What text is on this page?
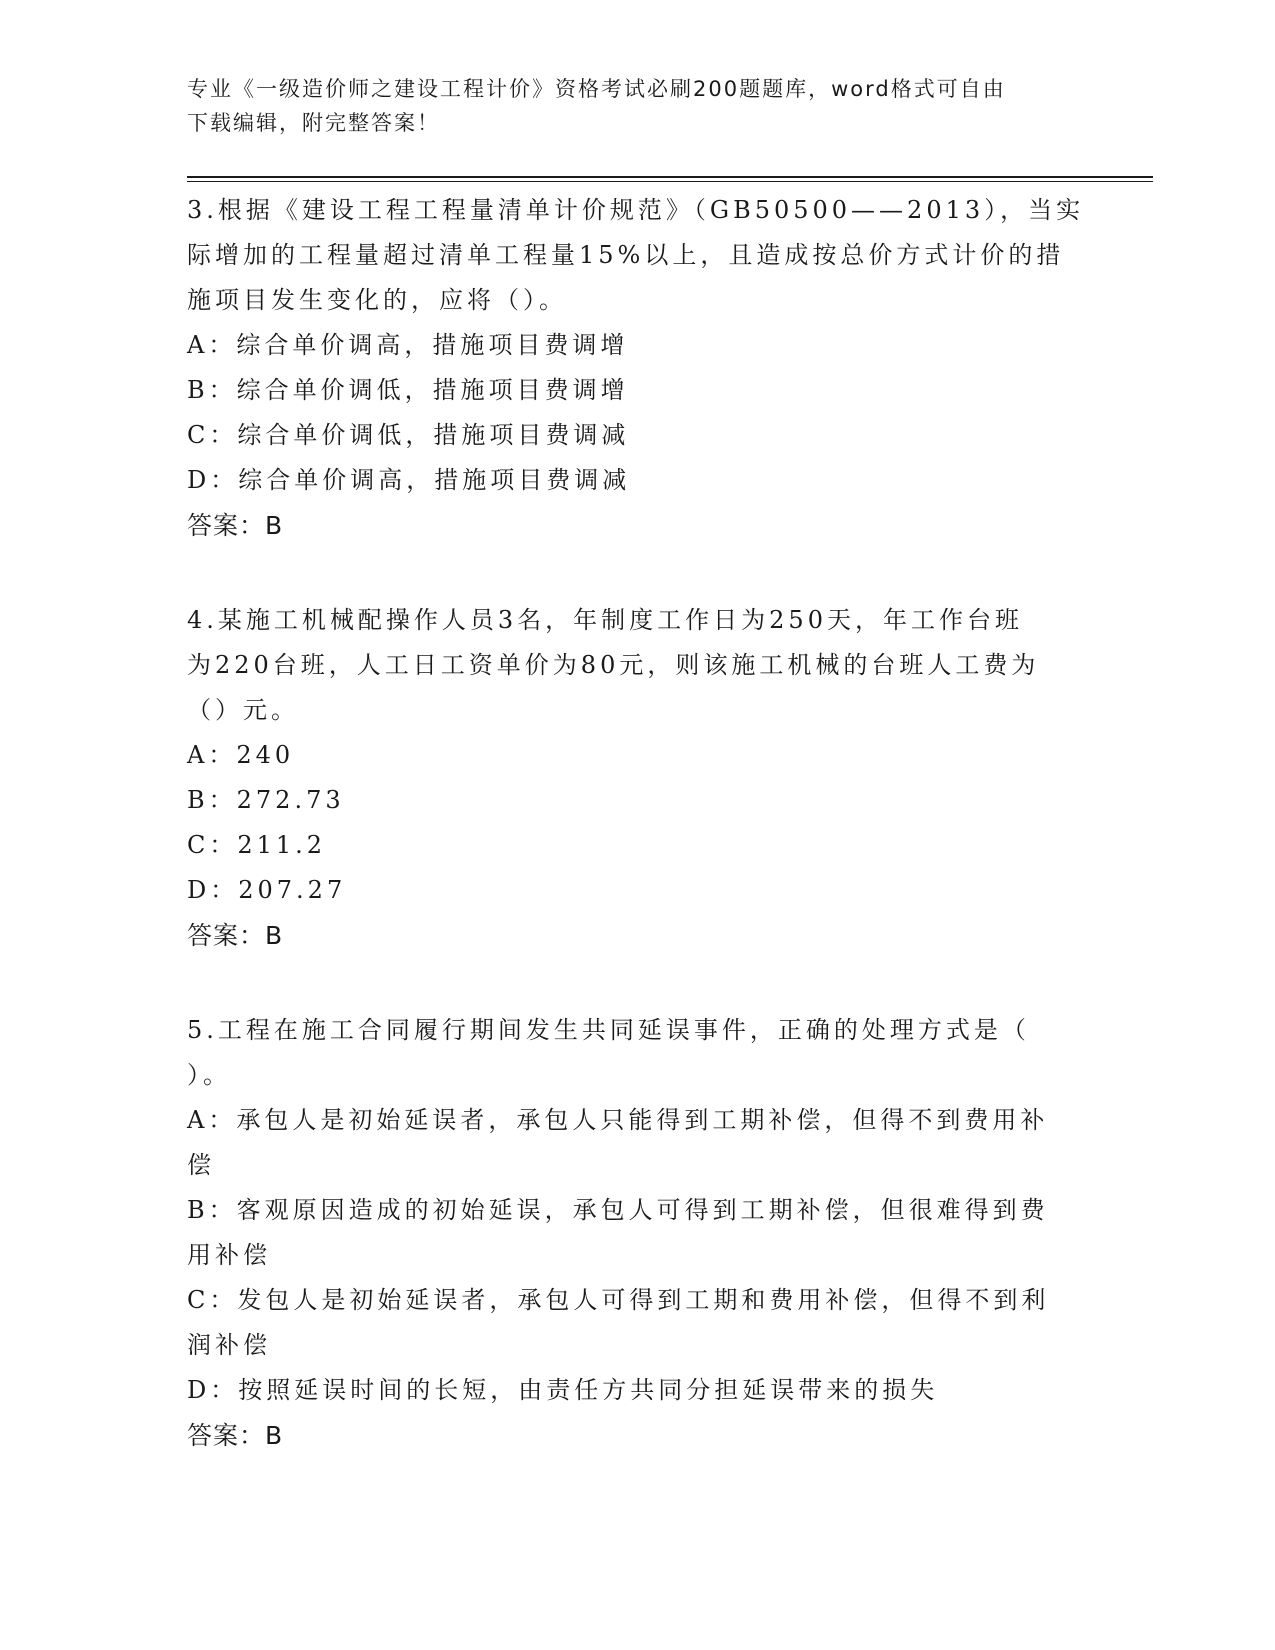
专业《一级造价师之建设工程计价》资格考试必刷200题题库，word格式可自由
下载编辑，附完整答案！
3.根据《建设工程工程量清单计价规范》（GB50500——2013），当实
际增加的工程量超过清单工程量15%以上，且造成按总价方式计价的措
施项目发生变化的，应将（）。
A：综合单价调高，措施项目费调增
B：综合单价调低，措施项目费调增
C：综合单价调低，措施项目费调减
D：综合单价调高，措施项目费调减
答案：B
4.某施工机械配操作人员3名，年制度工作日为250天，年工作台班
为220台班，人工日工资单价为80元，则该施工机械的台班人工费为
（）元。
A：240
B：272.73
C：211.2
D：207.27
答案：B
5.工程在施工合同履行期间发生共同延误事件，正确的处理方式是（
）。
A：承包人是初始延误者，承包人只能得到工期补偿，但得不到费用补
偿
B：客观原因造成的初始延误，承包人可得到工期补偿，但很难得到费
用补偿
C：发包人是初始延误者，承包人可得到工期和费用补偿，但得不到利
润补偿
D：按照延误时间的长短，由责任方共同分担延误带来的损失
答案：B
